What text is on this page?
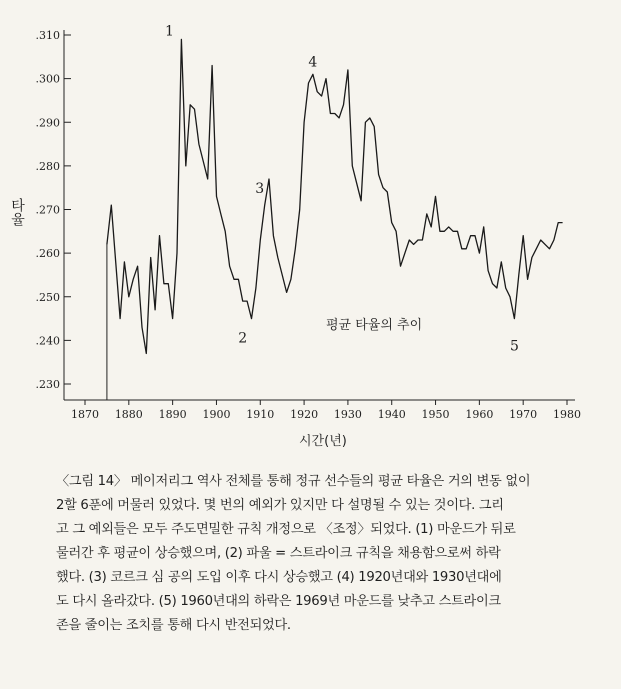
.230
.240
.250
.260
.270
.280
.290
.300
.310
1870 1880 1890 1900 1910 1920 1930 1940 1950 1960 1970 1980
1
2
3
4
5
평균 타율의 추이
타율
시간(년)

〈그림 14〉 메이저리그 역사 전체를 통해 정규 선수들의 평균 타율은 거의 변동 없이

2할 6푼에 머물러 있었다. 몇 번의 예외가 있지만 다 설명될 수 있는 것이다. 그리

고 그 예외들은 모두 주도면밀한 규칙 개정으로 〈조정〉되었다. (1) 마운드가 뒤로

물러간 후 평균이 상승했으며, (2) 파울 = 스트라이크 규칙을 채용함으로써 하락

했다. (3) 코르크 심 공의 도입 이후 다시 상승했고 (4) 1920년대와 1930년대에

도 다시 올라갔다. (5) 1960년대의 하락은 1969년 마운드를 낮추고 스트라이크

존을 줄이는 조치를 통해 다시 반전되었다.
